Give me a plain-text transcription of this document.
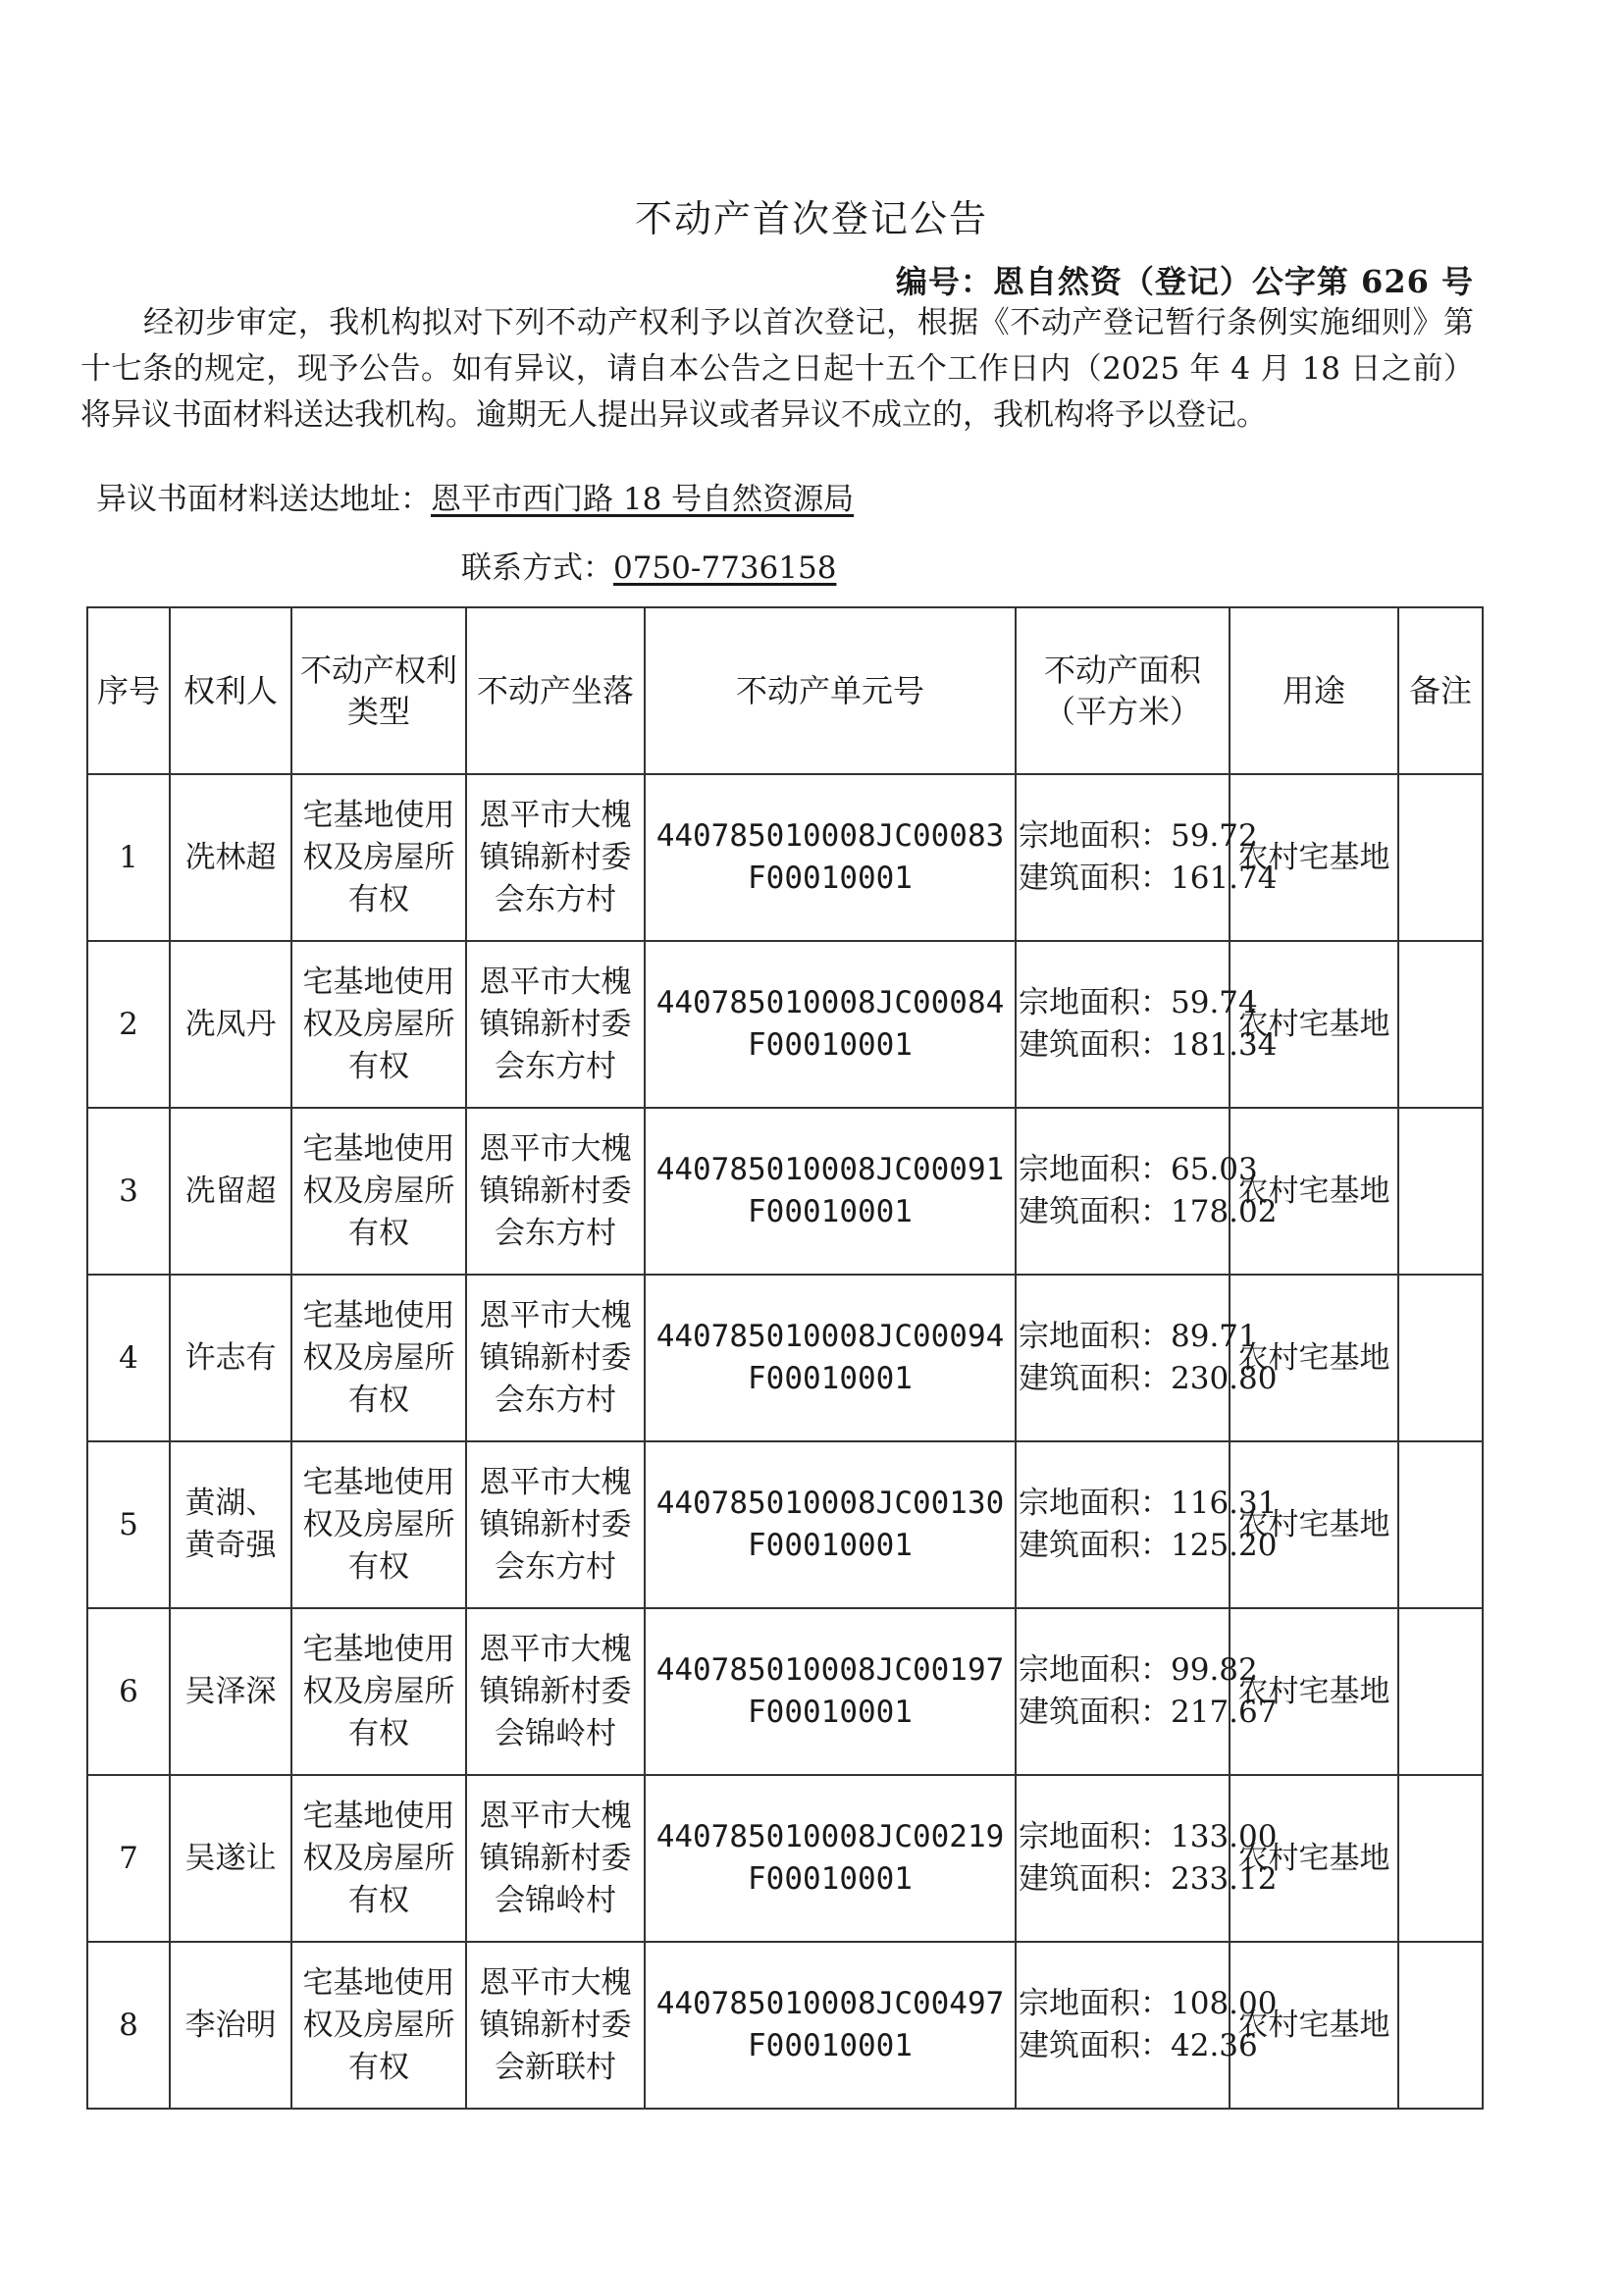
不动产首次登记公告
编号：恩自然资（登记）公字第 626 号
经初步审定，我机构拟对下列不动产权利予以首次登记，根据《不动产登记暂行条例实施细则》第十七条的规定，现予公告。如有异议，请自本公告之日起十五个工作日内（2025 年 4 月 18 日之前）将异议书面材料送达我机构。逾期无人提出异议或者异议不成立的，我机构将予以登记。
异议书面材料送达地址：恩平市西门路 18 号自然资源局
联系方式：0750-7736158
序号	权利人	不动产权利类型	不动产坐落	不动产单元号	不动产面积（平方米）	用途	备注
1	冼林超	宅基地使用权及房屋所有权	恩平市大槐镇锦新村委会东方村	440785010008JC00083F00010001	宗地面积：59.72
建筑面积：161.74	农村宅基地	
2	冼凤丹	宅基地使用权及房屋所有权	恩平市大槐镇锦新村委会东方村	440785010008JC00084F00010001	宗地面积：59.74
建筑面积：181.34	农村宅基地	
3	冼留超	宅基地使用权及房屋所有权	恩平市大槐镇锦新村委会东方村	440785010008JC00091F00010001	宗地面积：65.03
建筑面积：178.02	农村宅基地	
4	许志有	宅基地使用权及房屋所有权	恩平市大槐镇锦新村委会东方村	440785010008JC00094F00010001	宗地面积：89.71
建筑面积：230.80	农村宅基地	
5	黄湖、黄奇强	宅基地使用权及房屋所有权	恩平市大槐镇锦新村委会东方村	440785010008JC00130F00010001	宗地面积：116.31
建筑面积：125.20	农村宅基地	
6	吴泽深	宅基地使用权及房屋所有权	恩平市大槐镇锦新村委会锦岭村	440785010008JC00197F00010001	宗地面积：99.82
建筑面积：217.67	农村宅基地	
7	吴遂让	宅基地使用权及房屋所有权	恩平市大槐镇锦新村委会锦岭村	440785010008JC00219F00010001	宗地面积：133.00
建筑面积：233.12	农村宅基地	
8	李治明	宅基地使用权及房屋所有权	恩平市大槐镇锦新村委会新联村	440785010008JC00497F00010001	宗地面积：108.00
建筑面积：42.36	农村宅基地	
